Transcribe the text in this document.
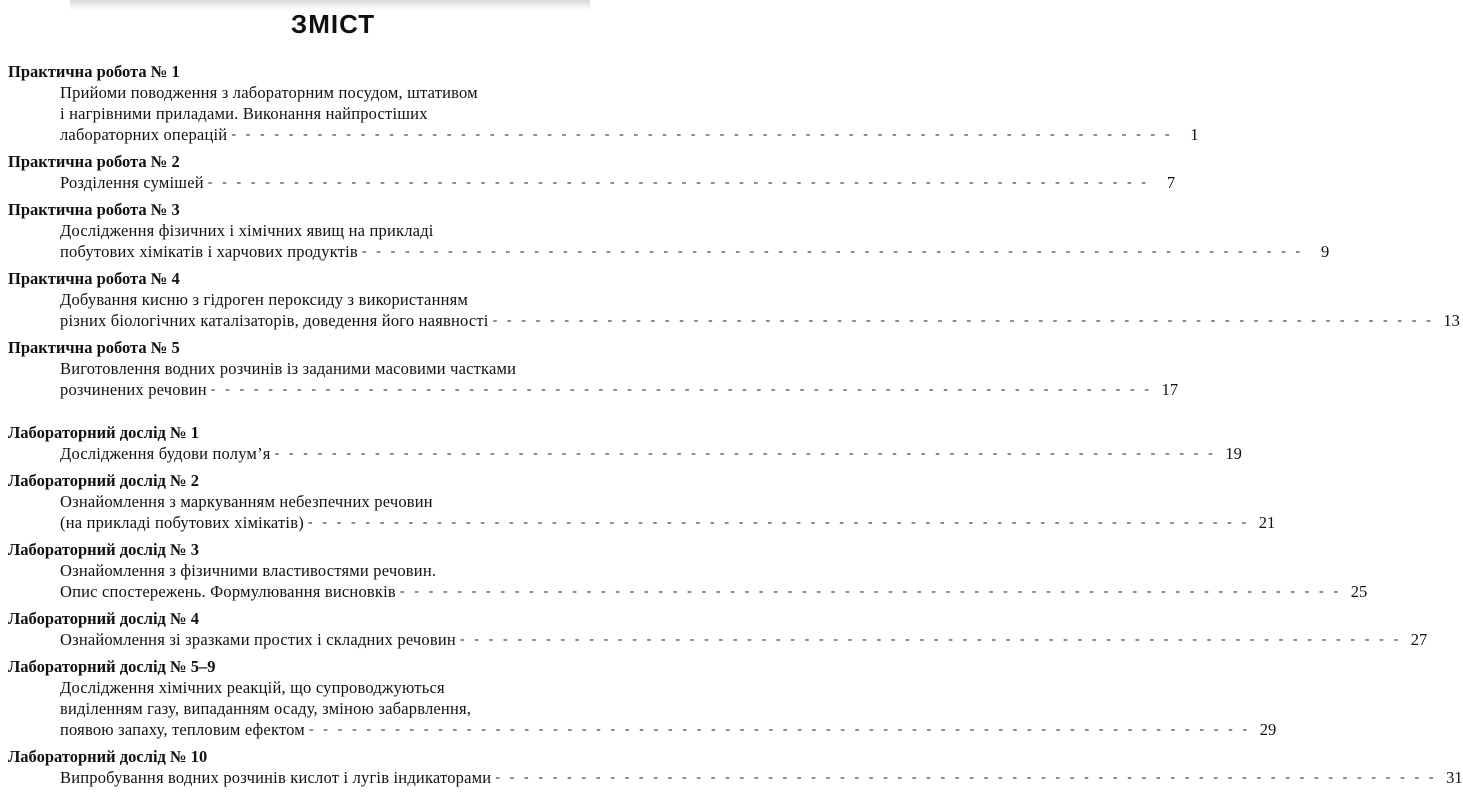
ЗМІСТ
Практична робота № 1
Прийоми поводження з лабораторним посудом, штативом
і нагрівними приладами. Виконання найпростіших
лабораторних операцій - - - - - - - - - - - - - - - - - - - - - - - - - - - - - - - - - - - - - - - - - - - - - - - - - - - - - - - - - - - - - - - - - -	1
Практична робота № 2
Розділення сумішей - - - - - - - - - - - - - - - - - - - - - - - - - - - - - - - - - - - - - - - - - - - - - - - - - - - - - - - - - - - - - - - - - -	7
Практична робота № 3
Дослідження фізичних і хімічних явищ на прикладі
побутових хімікатів і харчових продуктів - - - - - - - - - - - - - - - - - - - - - - - - - - - - - - - - - - - - - - - - - - - - - - - - - - - - - - - - - - - - - - - - - -	9
Практична робота № 4
Добування кисню з гідроген пероксиду з використанням
різних біологічних каталізаторів, доведення його наявності - - - - - - - - - - - - - - - - - - - - - - - - - - - - - - - - - - - - - - - - - - - - - - - - - - - - - - - - - - - - - - - - - - 13
Практична робота № 5
Виготовлення водних розчинів із заданими масовими частками
розчинених речовин - - - - - - - - - - - - - - - - - - - - - - - - - - - - - - - - - - - - - - - - - - - - - - - - - - - - - - - - - - - - - - - - - - 17
Лабораторний дослід № 1
Дослідження будови полум’я - - - - - - - - - - - - - - - - - - - - - - - - - - - - - - - - - - - - - - - - - - - - - - - - - - - - - - - - - - - - - - - - - - 19
Лабораторний дослід № 2
Ознайомлення з маркуванням небезпечних речовин
(на прикладі побутових хімікатів) - - - - - - - - - - - - - - - - - - - - - - - - - - - - - - - - - - - - - - - - - - - - - - - - - - - - - - - - - - - - - - - - - - 21
Лабораторний дослід № 3
Ознайомлення з фізичними властивостями речовин.
Опис спостережень. Формулювання висновків - - - - - - - - - - - - - - - - - - - - - - - - - - - - - - - - - - - - - - - - - - - - - - - - - - - - - - - - - - - - - - - - - - 25
Лабораторний дослід № 4
Ознайомлення зі зразками простих і складних речовин - - - - - - - - - - - - - - - - - - - - - - - - - - - - - - - - - - - - - - - - - - - - - - - - - - - - - - - - - - - - - - - - - - 27
Лабораторний дослід № 5–9
Дослідження хімічних реакцій, що супроводжуються
виділенням газу, випаданням осаду, зміною забарвлення,
появою запаху, тепловим ефектом - - - - - - - - - - - - - - - - - - - - - - - - - - - - - - - - - - - - - - - - - - - - - - - - - - - - - - - - - - - - - - - - - - 29
Лабораторний дослід № 10
Випробування водних розчинів кислот і лугів індикаторами - - - - - - - - - - - - - - - - - - - - - - - - - - - - - - - - - - - - - - - - - - - - - - - - - - - - - - - - - - - - - - - - - - 31
